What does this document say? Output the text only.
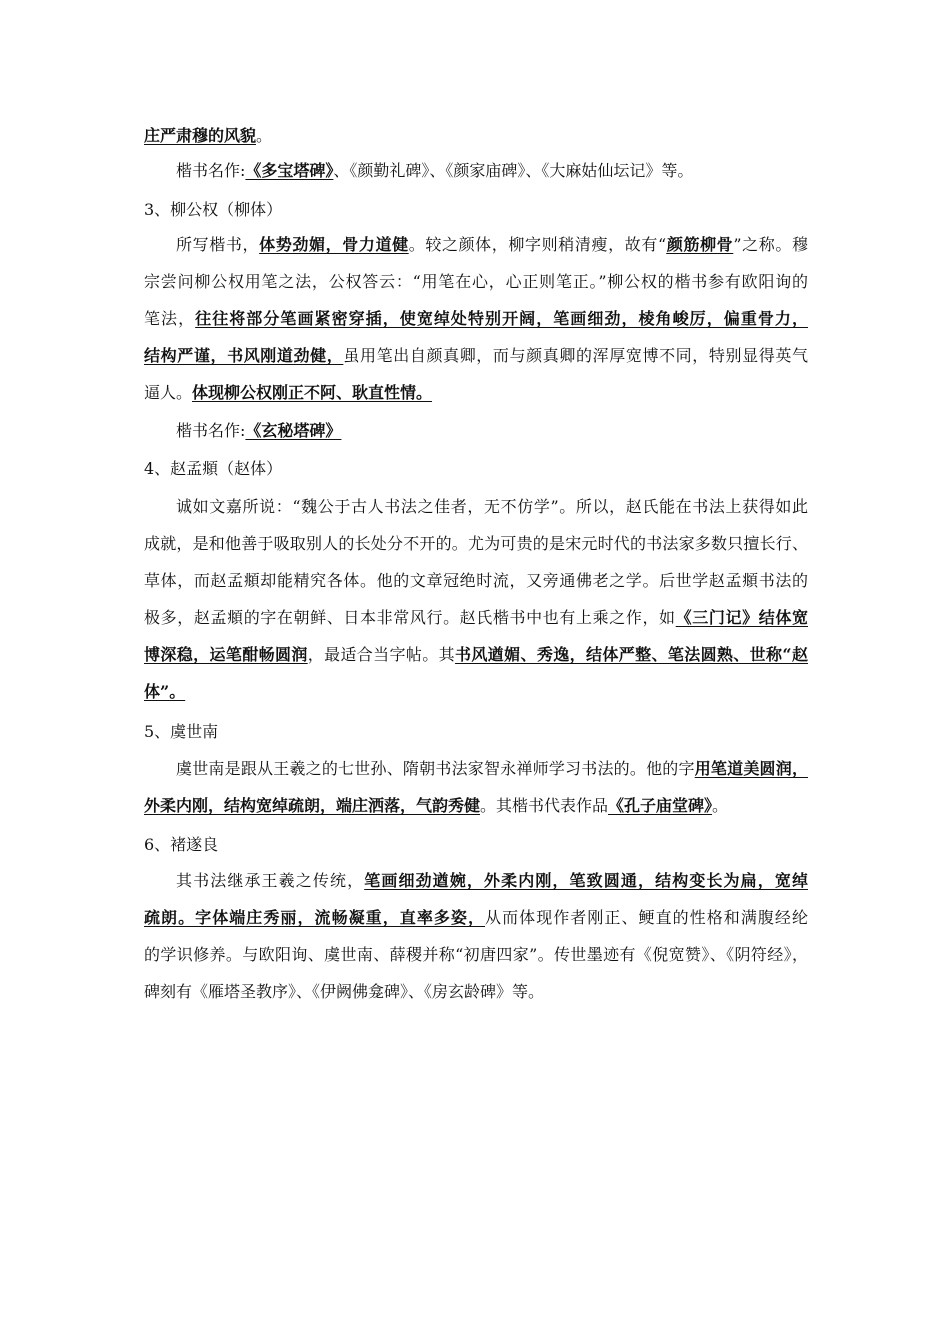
庄严肃穆的风貌。
楷书名作:《多宝塔碑》、《颜勤礼碑》、《颜家庙碑》、《大麻姑仙坛记》等。
3、柳公权（柳体）
所写楷书，体势劲媚，骨力道健。较之颜体，柳字则稍清瘦，故有“颜筋柳骨”之称。穆
宗尝问柳公权用笔之法，公权答云：“用笔在心，心正则笔正。”柳公权的楷书参有欧阳询的
笔法，往往将部分笔画紧密穿插，使宽绰处特别开阔，笔画细劲，棱角峻厉，偏重骨力，
结构严谨，书风刚道劲健，虽用笔出自颜真卿，而与颜真卿的浑厚宽博不同，特别显得英气
逼人。体现柳公权刚正不阿、耿直性情。
楷书名作:《玄秘塔碑》
4、赵孟頫（赵体）
诚如文嘉所说：“魏公于古人书法之佳者，无不仿学”。所以，赵氏能在书法上获得如此
成就，是和他善于吸取别人的长处分不开的。尤为可贵的是宋元时代的书法家多数只擅长行、
草体，而赵孟頫却能精究各体。他的文章冠绝时流，又旁通佛老之学。后世学赵孟頫书法的
极多，赵孟頫的字在朝鲜、日本非常风行。赵氏楷书中也有上乘之作，如《三门记》结体宽
博深稳，运笔酣畅圆润，最适合当字帖。其书风遒媚、秀逸，结体严整、笔法圆熟、世称“赵
体”。
5、虞世南
虞世南是跟从王羲之的七世孙、隋朝书法家智永禅师学习书法的。他的字用笔道美圆润，
外柔内刚，结构宽绰疏朗，端庄洒落，气韵秀健。其楷书代表作品《孔子庙堂碑》。
6、褚遂良
其书法继承王羲之传统，笔画细劲遒婉，外柔内刚，笔致圆通，结构变长为扁，宽绰
疏朗。字体端庄秀丽，流畅凝重，直率多姿，从而体现作者刚正、鲠直的性格和满腹经纶
的学识修养。与欧阳询、虞世南、薛稷并称“初唐四家”。传世墨迹有《倪宽赞》、《阴符经》，
碑刻有《雁塔圣教序》、《伊阙佛龛碑》、《房玄龄碑》等。
